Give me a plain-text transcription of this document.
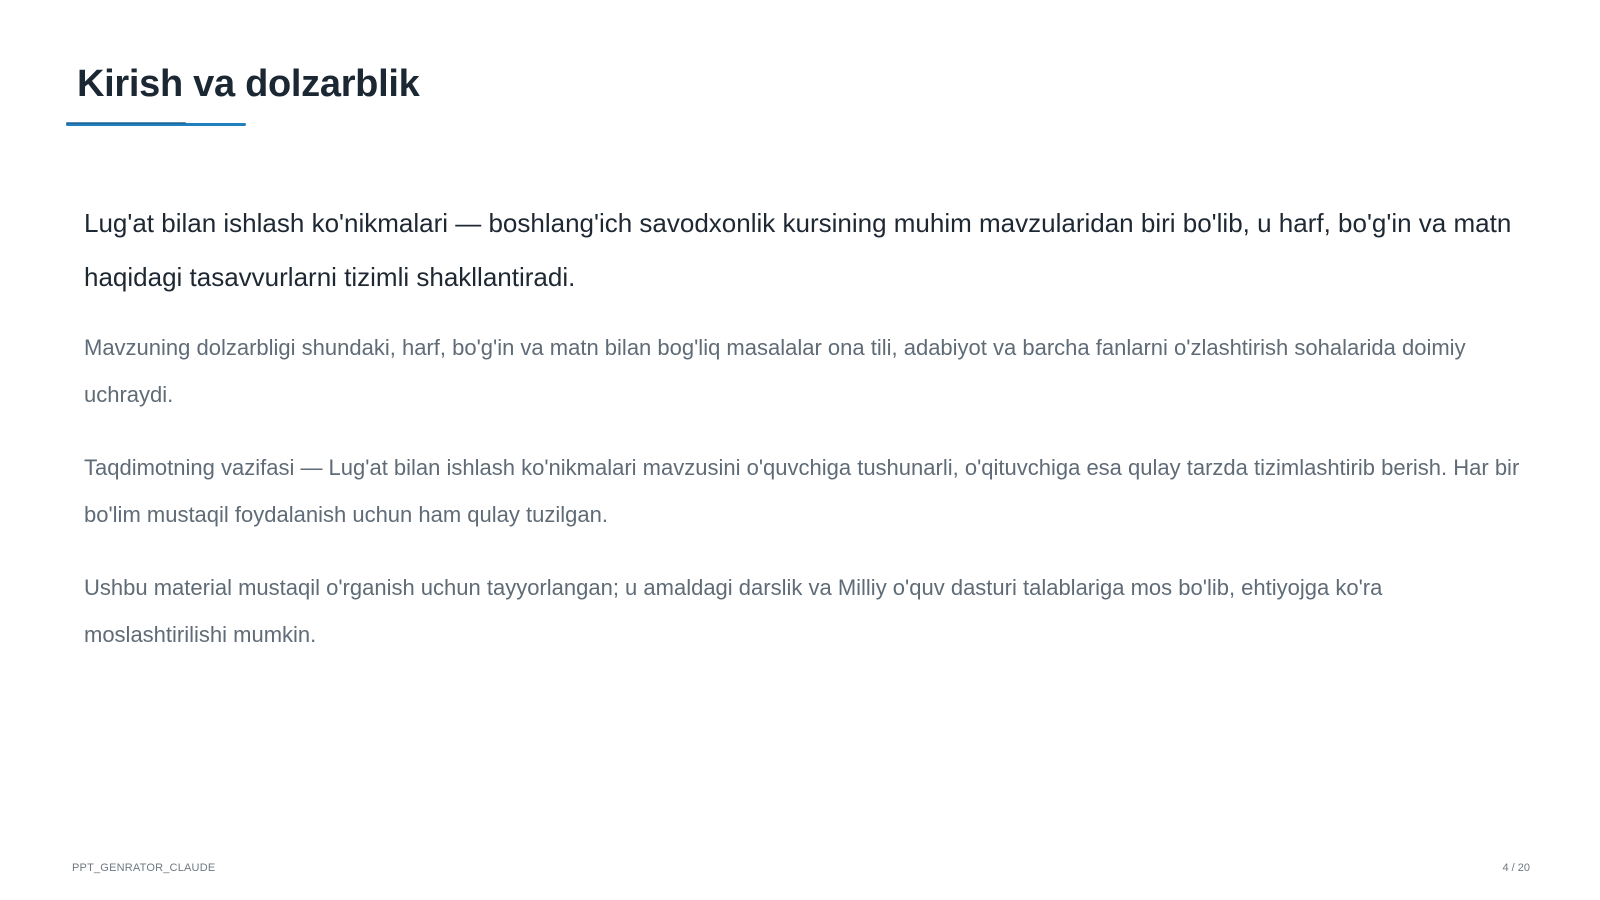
Kirish va dolzarblik

Lug'at bilan ishlash ko'nikmalari — boshlang'ich savodxonlik kursining muhim mavzularidan biri bo'lib, u harf, bo'g'in va matn haqidagi tasavvurlarni tizimli shakllantiradi.

Mavzuning dolzarbligi shundaki, harf, bo'g'in va matn bilan bog'liq masalalar ona tili, adabiyot va barcha fanlarni o'zlashtirish sohalarida doimiy uchraydi.

Taqdimotning vazifasi — Lug'at bilan ishlash ko'nikmalari mavzusini o'quvchiga tushunarli, o'qituvchiga esa qulay tarzda tizimlashtirib berish. Har bir bo'lim mustaqil foydalanish uchun ham qulay tuzilgan.

Ushbu material mustaqil o'rganish uchun tayyorlangan; u amaldagi darslik va Milliy o'quv dasturi talablariga mos bo'lib, ehtiyojga ko'ra moslashtirilishi mumkin.

PPT_GENRATOR_CLAUDE	4 / 20
